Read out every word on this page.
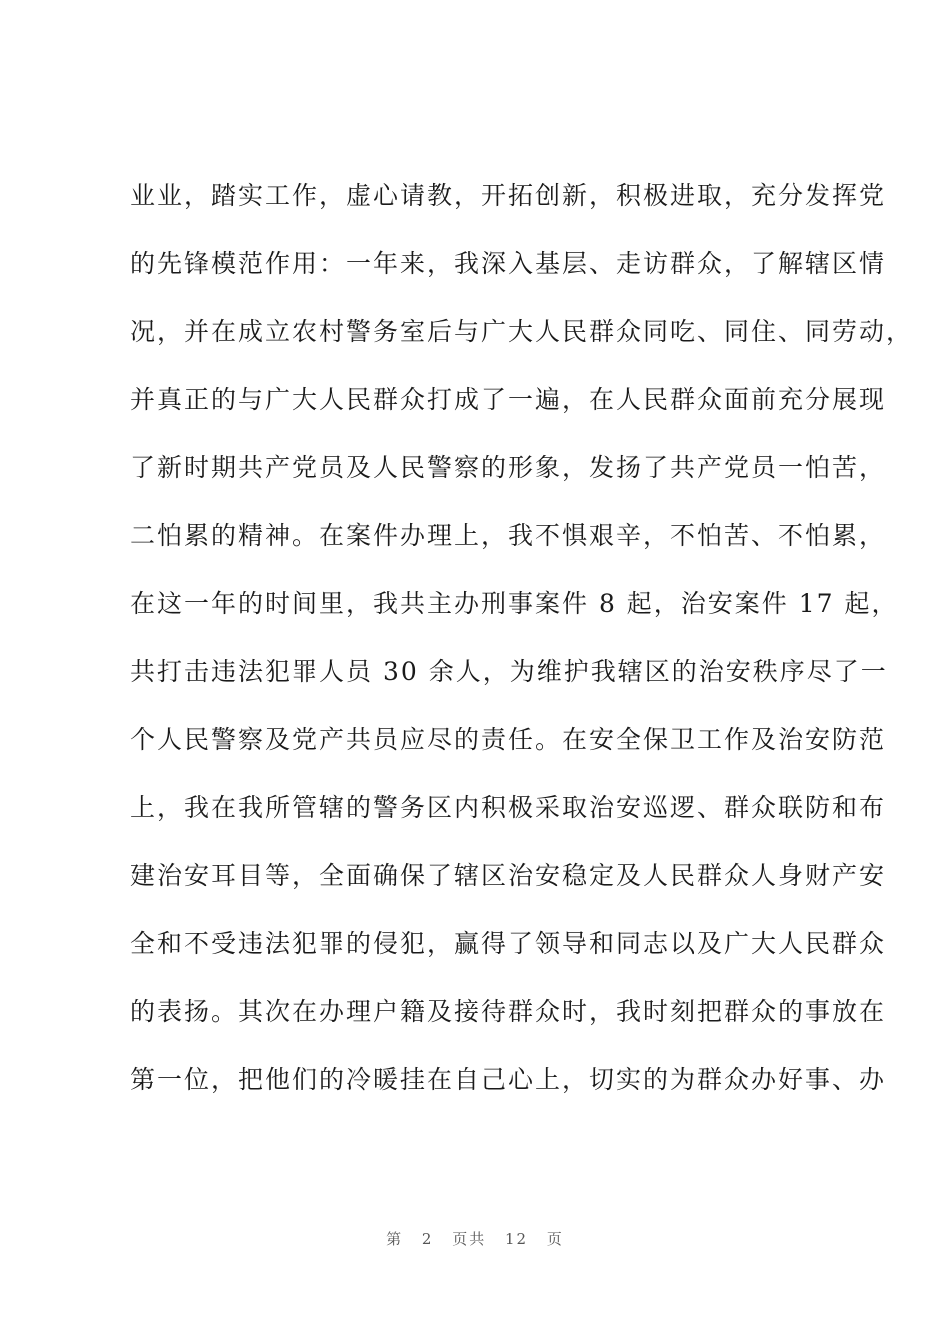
业业，踏实工作，虚心请教，开拓创新，积极进取，充分发挥党
的先锋模范作用：一年来，我深入基层、走访群众，了解辖区情
况，并在成立农村警务室后与广大人民群众同吃、同住、同劳动，
并真正的与广大人民群众打成了一遍，在人民群众面前充分展现
了新时期共产党员及人民警察的形象，发扬了共产党员一怕苦，
二怕累的精神。在案件办理上，我不惧艰辛，不怕苦、不怕累，
在这一年的时间里，我共主办刑事案件 8 起，治安案件 17 起，
共打击违法犯罪人员 30 余人，为维护我辖区的治安秩序尽了一
个人民警察及党产共员应尽的责任。在安全保卫工作及治安防范
上，我在我所管辖的警务区内积极采取治安巡逻、群众联防和布
建治安耳目等，全面确保了辖区治安稳定及人民群众人身财产安
全和不受违法犯罪的侵犯，赢得了领导和同志以及广大人民群众
的表扬。其次在办理户籍及接待群众时，我时刻把群众的事放在
第一位，把他们的冷暖挂在自己心上，切实的为群众办好事、办
第 2 页共 12 页
